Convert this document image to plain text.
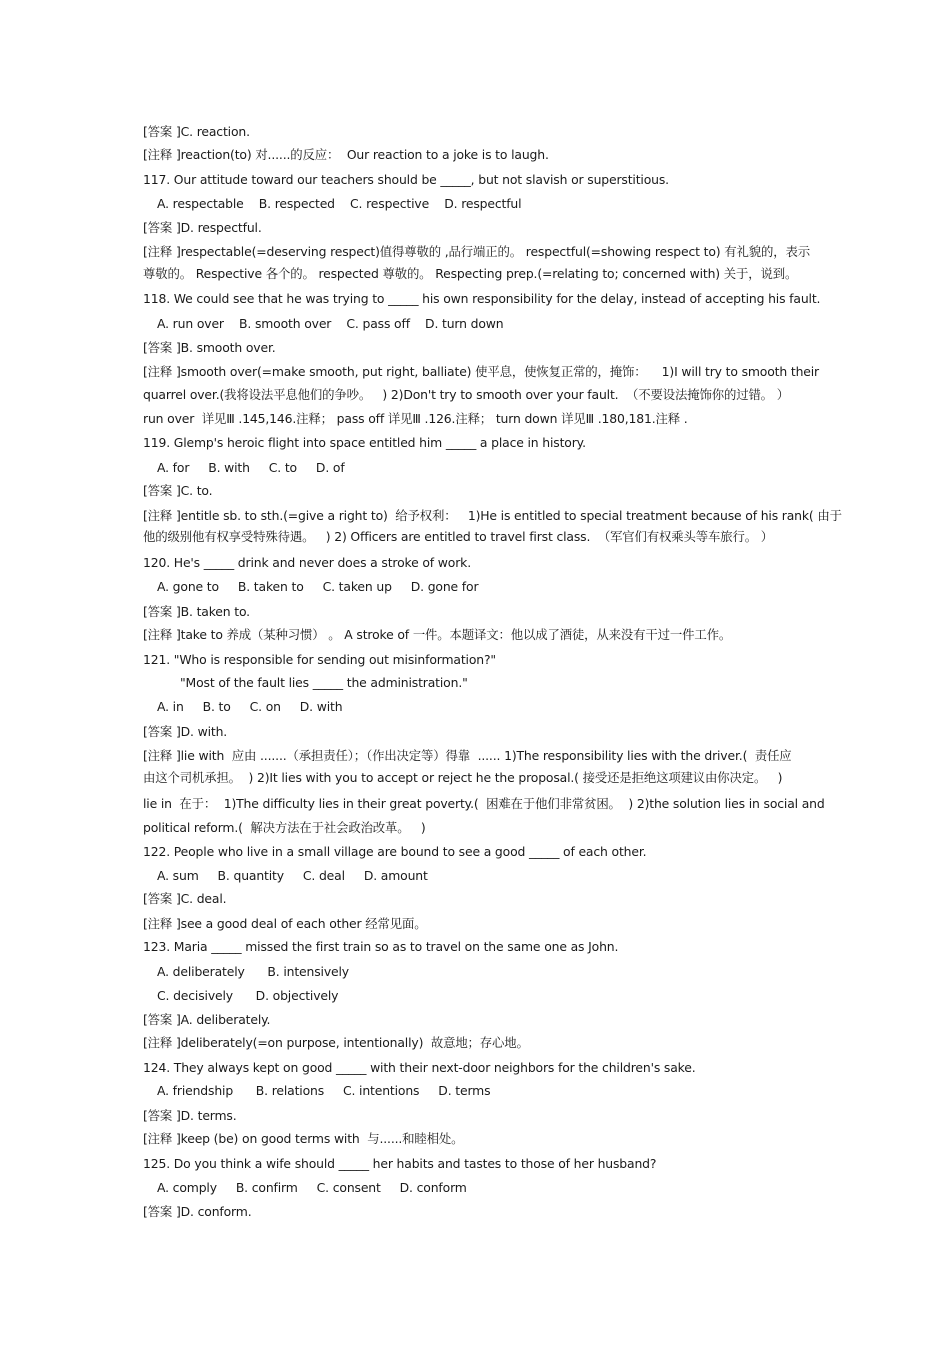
[答案 ]C. reaction.
[注释 ]reaction(to) 对......的反应：  Our reaction to a joke is to laugh.
117. Our attitude toward our teachers should be _____, but not slavish or superstitious.
A. respectable    B. respected    C. respective    D. respectful
[答案 ]D. respectful.
[注释 ]respectable(=deserving respect)值得尊敬的 ,品行端正的。 respectful(=showing respect to) 有礼貌的，表示
尊敬的。 Respective 各个的。 respected 尊敬的。 Respecting prep.(=relating to; concerned with) 关于，说到。
118. We could see that he was trying to _____ his own responsibility for the delay, instead of accepting his fault.
A. run over    B. smooth over    C. pass off    D. turn down
[答案 ]B. smooth over.
[注释 ]smooth over(=make smooth, put right, balliate) 使平息，使恢复正常的，掩饰：    1)I will try to smooth their
quarrel over.(我将设法平息他们的争吵。   ) 2)Don't try to smooth over your fault.  （不要设法掩饰你的过错。 ）
run over  详见Ⅲ .145,146.注释； pass off 详见Ⅲ .126.注释； turn down 详见Ⅲ .180,181.注释 .
119. Glemp's heroic flight into space entitled him _____ a place in history.
A. for     B. with     C. to     D. of
[答案 ]C. to.
[注释 ]entitle sb. to sth.(=give a right to)  给予权利：   1)He is entitled to special treatment because of his rank( 由于
他的级别他有权享受特殊待遇。   ) 2) Officers are entitled to travel first class.  （军官们有权乘头等车旅行。 ）
120. He's _____ drink and never does a stroke of work.
A. gone to     B. taken to     C. taken up     D. gone for
[答案 ]B. taken to.
[注释 ]take to 养成（某种习惯） 。 A stroke of 一件。本题译文：他以成了酒徒，从来没有干过一件工作。
121. "Who is responsible for sending out misinformation?"
"Most of the fault lies _____ the administration."
A. in     B. to     C. on     D. with
[答案 ]D. with.
[注释 ]lie with  应由 .......（承担责任）；（作出决定等）得靠  ...... 1)The responsibility lies with the driver.(  责任应
由这个司机承担。  ) 2)It lies with you to accept or reject he the proposal.( 接受还是拒绝这项建议由你决定。   )
lie in  在于：  1)The difficulty lies in their great poverty.(  困难在于他们非常贫困。  ) 2)the solution lies in social and
political reform.(  解决方法在于社会政治改革。   )
122. People who live in a small village are bound to see a good _____ of each other.
A. sum     B. quantity     C. deal     D. amount
[答案 ]C. deal.
[注释 ]see a good deal of each other 经常见面。
123. Maria _____ missed the first train so as to travel on the same one as John.
A. deliberately      B. intensively
C. decisively      D. objectively
[答案 ]A. deliberately.
[注释 ]deliberately(=on purpose, intentionally)  故意地；存心地。
124. They always kept on good _____ with their next-door neighbors for the children's sake.
A. friendship      B. relations     C. intentions     D. terms
[答案 ]D. terms.
[注释 ]keep (be) on good terms with  与......和睦相处。
125. Do you think a wife should _____ her habits and tastes to those of her husband?
A. comply     B. confirm     C. consent     D. conform
[答案 ]D. conform.
